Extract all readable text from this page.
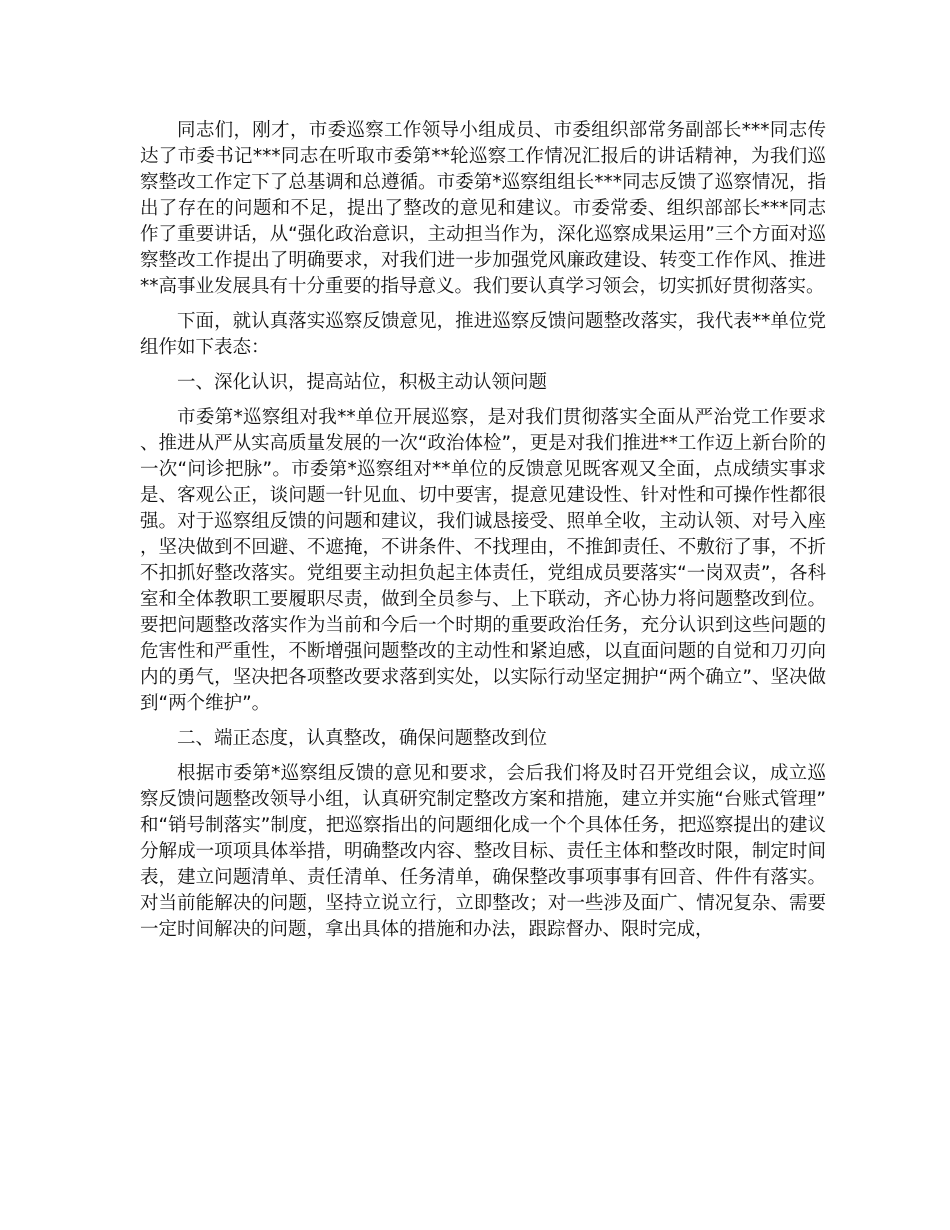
同志们，刚才，市委巡察工作领导小组成员、市委组织部常务副部长***同志传达了市委书记***同志在听取市委第**轮巡察工作情况汇报后的讲话精神，为我们巡察整改工作定下了总基调和总遵循。市委第*巡察组组长***同志反馈了巡察情况，指出了存在的问题和不足，提出了整改的意见和建议。市委常委、组织部部长***同志作了重要讲话，从“强化政治意识，主动担当作为，深化巡察成果运用”三个方面对巡察整改工作提出了明确要求，对我们进一步加强党风廉政建设、转变工作作风、推进**高事业发展具有十分重要的指导意义。我们要认真学习领会，切实抓好贯彻落实。

下面，就认真落实巡察反馈意见，推进巡察反馈问题整改落实，我代表**单位党组作如下表态：

一、深化认识，提高站位，积极主动认领问题

市委第*巡察组对我**单位开展巡察，是对我们贯彻落实全面从严治党工作要求、推进从严从实高质量发展的一次“政治体检”，更是对我们推进**工作迈上新台阶的一次“问诊把脉”。市委第*巡察组对**单位的反馈意见既客观又全面，点成绩实事求是、客观公正，谈问题一针见血、切中要害，提意见建设性、针对性和可操作性都很强。对于巡察组反馈的问题和建议，我们诚恳接受、照单全收，主动认领、对号入座，坚决做到不回避、不遮掩，不讲条件、不找理由，不推卸责任、不敷衍了事，不折不扣抓好整改落实。党组要主动担负起主体责任，党组成员要落实“一岗双责”，各科室和全体教职工要履职尽责，做到全员参与、上下联动，齐心协力将问题整改到位。要把问题整改落实作为当前和今后一个时期的重要政治任务，充分认识到这些问题的危害性和严重性，不断增强问题整改的主动性和紧迫感，以直面问题的自觉和刀刃向内的勇气，坚决把各项整改要求落到实处，以实际行动坚定拥护“两个确立”、坚决做到“两个维护”。

二、端正态度，认真整改，确保问题整改到位

根据市委第*巡察组反馈的意见和要求，会后我们将及时召开党组会议，成立巡察反馈问题整改领导小组，认真研究制定整改方案和措施，建立并实施“台账式管理”和“销号制落实”制度，把巡察指出的问题细化成一个个具体任务，把巡察提出的建议分解成一项项具体举措，明确整改内容、整改目标、责任主体和整改时限，制定时间表，建立问题清单、责任清单、任务清单，确保整改事项事事有回音、件件有落实。对当前能解决的问题，坚持立说立行，立即整改；对一些涉及面广、情况复杂、需要一定时间解决的问题，拿出具体的措施和办法，跟踪督办、限时完成，
